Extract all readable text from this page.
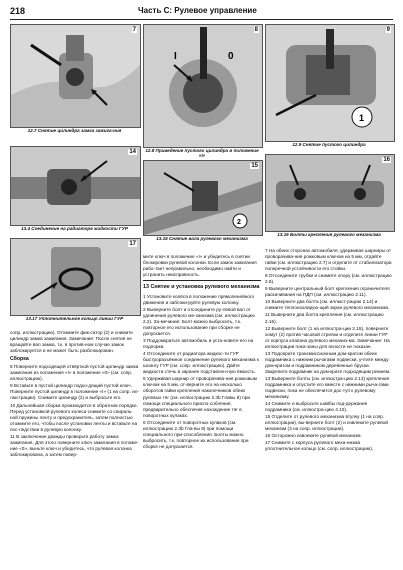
218	Часть С: Рулевое управление
7
12.7 Снятие цилиндра замка зажига-ния
I	0
8
12.8 Приведение пустого цилиндра в положение «I»
1
9
12.9 Снятие пустого цилиндра
14
13.4 Соединение на радиаторе жидкости ГУР
2
15
13.15 Снятие вала рулевого механизма
16
13.16 Болты крепления рулевого механизма
17
13.17 Уплотнительное кольцо линии ГУР

сопр. иллюстрацию). Отожмите фик-сатор (2) и снимите цилиндр замка зажигания. Замечание: После снятия не вращайте вал замка, т.к. в против-ном случае замок заблокируется и не может быть разблокирован.

Сборка

8 Поверните подходящей отвёрткой пустой цилиндр замка зажигания из положения «I» в положение «0» (см. сопр. иллюстрацию).

9 Вставьте в пустой цилиндр подхо-дящий пустой ключ. Поверните пустой цилиндр в положение «I» (1 на сопр. ил-люстрации). Снимите цилиндр (2) и выбросьте его.

10 Дальнейшая сборка производится в обратном порядке. Перед установкой рулевого колеса снимите со спираль-ной пружины ленту и предохранитель, затем полностью отожмите его, чтобы после установки ленты и вставьте на пос-ледствии в рулевую колонку.

11 В заключение дважды проверьте работу замка зажигания. Для этого поверните ключ зажигания в положе-ние «0», выньте ключ и убедитесь, что рулевая колонка заблокирована, а затем повер-

мите ключ в положение «I» и убедитесь в снятии блокировки рулевой колонки. Если замок зажигания рабо-тает неправильно, необходимо найти и устранить неисправность.

13 Снятие и установка рулевого механизма

1 Установите колёса в положение прямолинейного движения и заблоки-руйте рулевую колонку.

2 Выверните болт и отсоедините ру-левой вал от удлинения рулевого ме-ханизма (см. иллюстрацию 2.2). За-мечание: Болт можно выбросить, т.к. повторное его использование при сборке не допускается.

3 Поддомкратьте автомобиль и уста-новите его на подпорки.

4 Отсоедините от радиатора жидкос-ти ГУР быстроразъёмное соединение рулевого механизма к шлангу ГУР (см. сопр. иллюстрацию). Дайте жидкости стечь в заранее подставлен-ную ёмкость.

5 Удерживая шарнир от проворачива-ния рожковым ключом на 5 мм, от-верните его на несколько оборотов гайки крепления наконечников обеих рулевых тяг (см. иллюстрацию 2.3b Главы 8) при помощи специального приспо-собления, предварительно обеспечив нахождение тяг в поворотных кулаках.

6 Отсоедините от поворотных кулаков (см. иллюстрацию 2.3b Гла-вы 8) при помощи специального при-способления. Болты можно выбросить, т.к. повторное их использование при сборке не допускается.

7 На обеих сторонах автомобиля, удерживая шарниры от проворачива-ния рожковым ключом на 5 мм, отдайте гайки (см. иллюстрацию 2.7) и отделите от стабилизатора поперечной устойчивости его стойки.

8 Отсоедините трубки и снимите опору (см. иллюстрацию 2.8).

9 Выверните центральный болт крепления ограничителя раскачивания на ПДП (см. иллюстрацию 2.11).

10 Выверните два болта (см. иллюст-рацию 2.14) и снимите теплоизолирую-щий экран рулевого механизма.

11 Выверните два болта крепления (см. иллюстрацию 2.16).

12 Выверните болт (1 на иллюстра-ции 2.15), поверните хомут (2) против часовой стрелки и отделите линии ГУР от корпуса клапана рулевого механиз-ма. Замечание: На иллюстрации пока-заны для ясности не показан.

13 Подоприте трансмиссионным дом-кратом обеих подрамника с нижним рычагами подвески, учтите между дом-кратом и подрамником деревянные бруски. Закрепите подрамник на дом-крате подходящим ремнем.

13 Выверните болты (см. иллюстра-цию 2.13) крепления подрамника и опустите его вместе с нижними рыча-гами подвески, пока не обеспечится дос-туп к рулевому механизму.

14 Снимите и выбросьте шайбы под-держания подрамника (см. иллюстра-цию 4.10).

15 Отделите от рулевого механизма втулку (1 на сопр. иллюстрации), вы-верните болт (2) и извлеките рулевой механизм (3 на сопр. иллюстрации).

16 Осторожно извлеките рулевой механизм.

17 Снимите с корпуса рулевого меха-низма уплотнительное кольцо (см. сопр. иллюстрацию).
